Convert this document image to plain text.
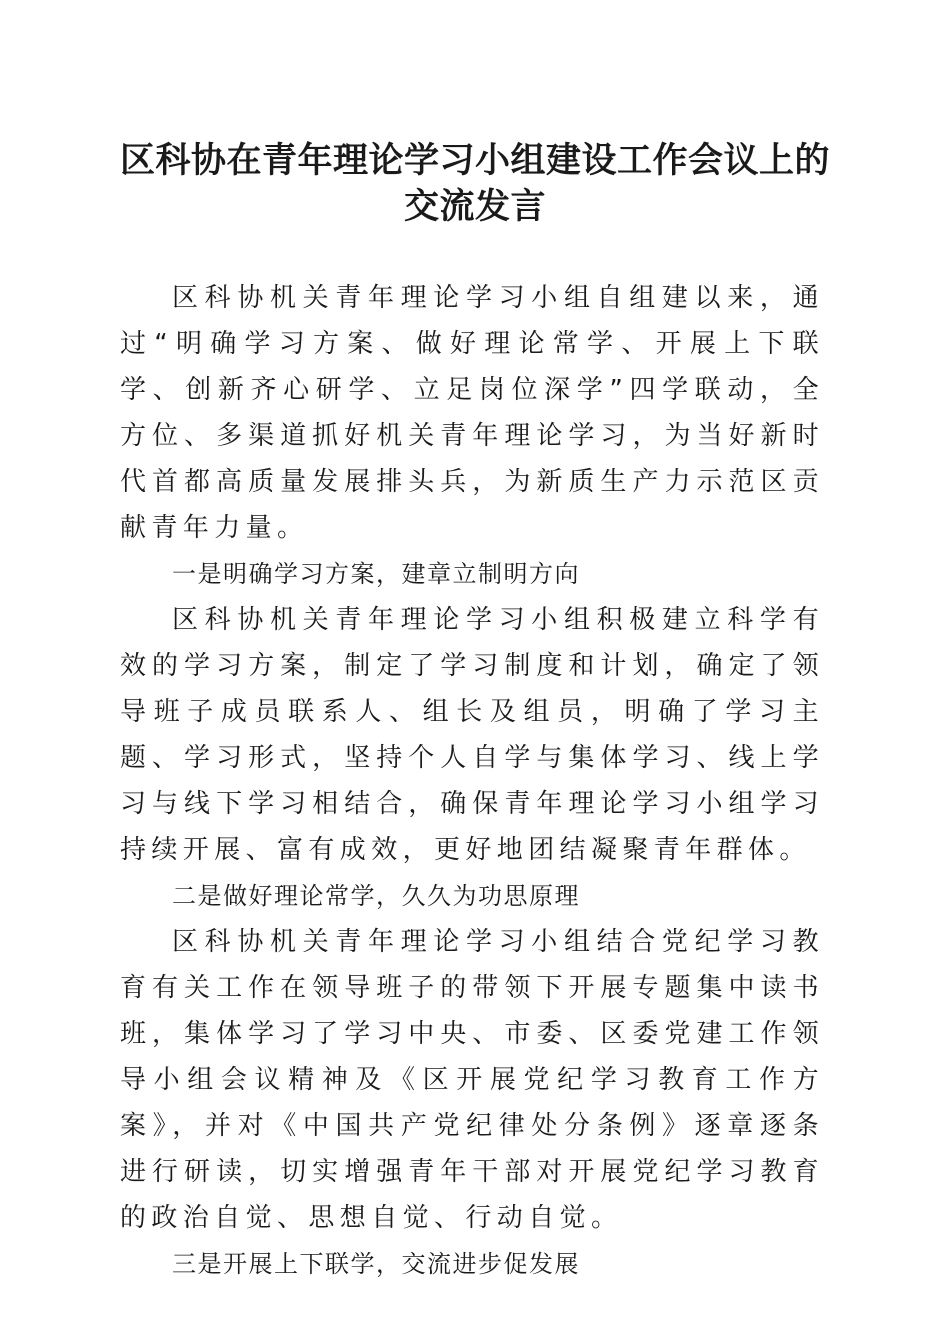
区科协在青年理论学习小组建设工作会议上的
交流发言

区科协机关青年理论学习小组自组建以来，通过“明确学习方案、做好理论常学、开展上下联学、创新齐心研学、立足岗位深学”四学联动，全方位、多渠道抓好机关青年理论学习，为当好新时代首都高质量发展排头兵，为新质生产力示范区贡献青年力量。

一是明确学习方案，建章立制明方向

区科协机关青年理论学习小组积极建立科学有效的学习方案，制定了学习制度和计划，确定了领导班子成员联系人、组长及组员，明确了学习主题、学习形式，坚持个人自学与集体学习、线上学习与线下学习相结合，确保青年理论学习小组学习持续开展、富有成效，更好地团结凝聚青年群体。

二是做好理论常学，久久为功思原理

区科协机关青年理论学习小组结合党纪学习教育有关工作在领导班子的带领下开展专题集中读书班，集体学习了学习中央、市委、区委党建工作领导小组会议精神及《区开展党纪学习教育工作方案》，并对《中国共产党纪律处分条例》逐章逐条进行研读，切实增强青年干部对开展党纪学习教育的政治自觉、思想自觉、行动自觉。

三是开展上下联学，交流进步促发展
